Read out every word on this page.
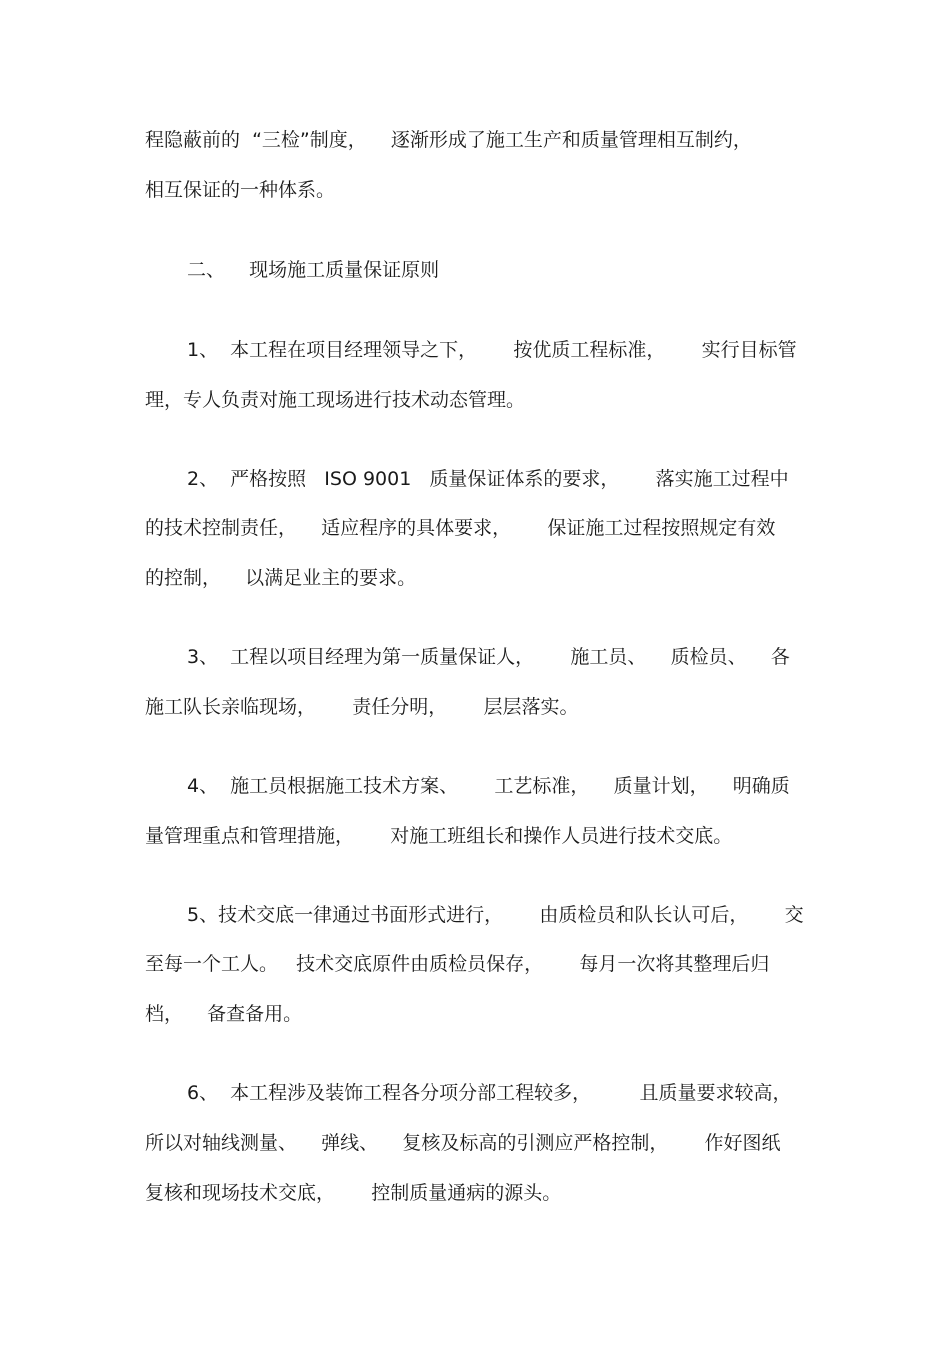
程隐蔽前的  “三检”制度，    逐渐形成了施工生产和质量管理相互制约，
相互保证的一种体系。
二、    现场施工质量保证原则
1、  本工程在项目经理领导之下，      按优质工程标准，      实行目标管
理，专人负责对施工现场进行技术动态管理。
2、  严格按照   ISO 9001   质量保证体系的要求，      落实施工过程中
的技术控制责任，    适应程序的具体要求，      保证施工过程按照规定有效
的控制，    以满足业主的要求。
3、  工程以项目经理为第一质量保证人，      施工员、    质检员、    各
施工队长亲临现场，      责任分明，      层层落实。
4、  施工员根据施工技术方案、      工艺标准，    质量计划，    明确质
量管理重点和管理措施，      对施工班组长和操作人员进行技术交底。
5、技术交底一律通过书面形式进行，      由质检员和队长认可后，      交
至每一个工人。   技术交底原件由质检员保存，      每月一次将其整理后归
档，    备查备用。
6、  本工程涉及装饰工程各分项分部工程较多，        且质量要求较高，
所以对轴线测量、    弹线、    复核及标高的引测应严格控制，      作好图纸
复核和现场技术交底，      控制质量通病的源头。
